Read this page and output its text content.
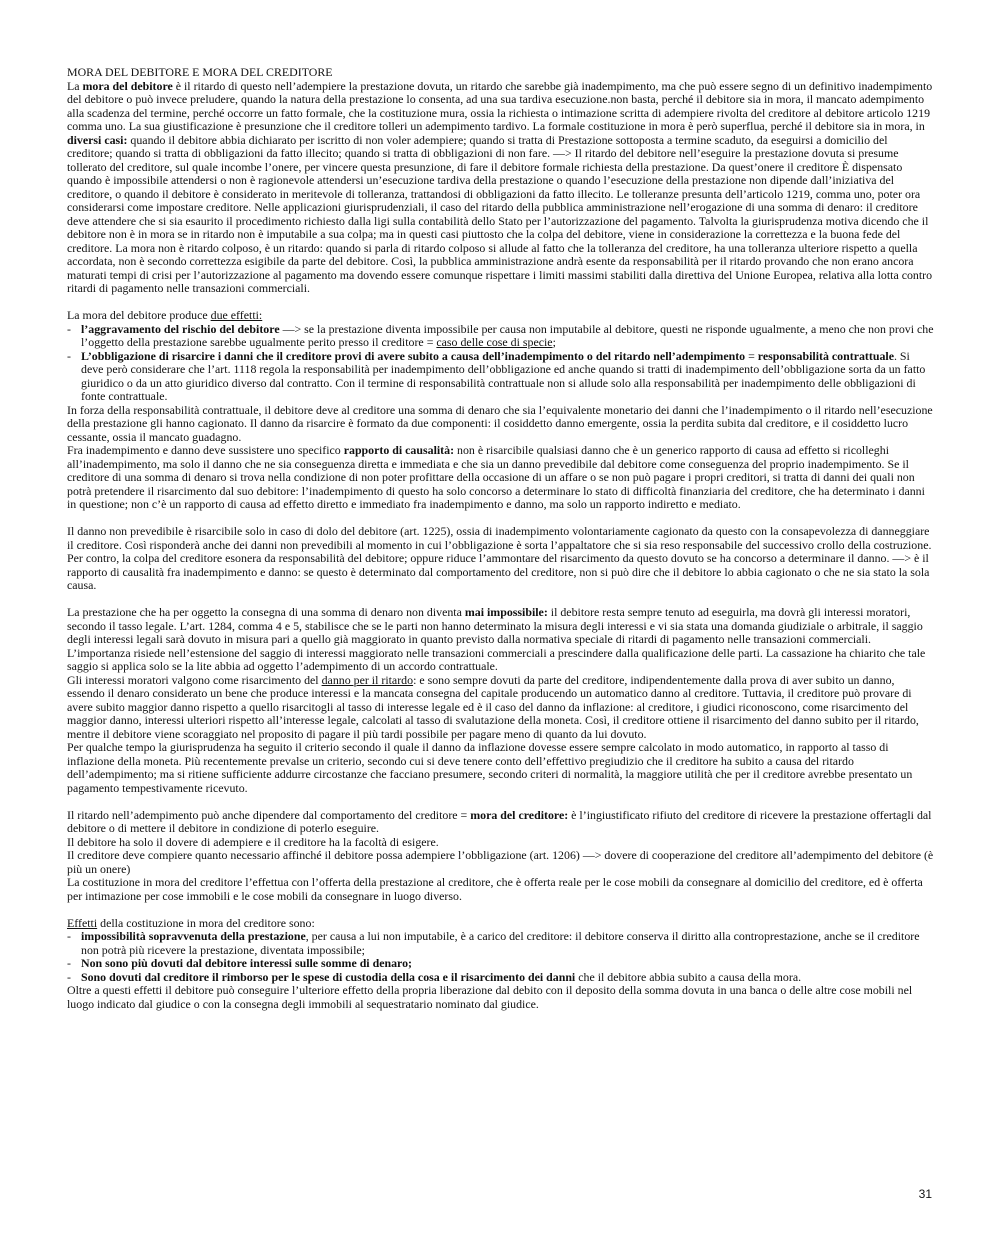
MORA DEL DEBITORE E MORA DEL CREDITORE

La mora del debitore è il ritardo di questo nell’adempiere la prestazione dovuta, un ritardo che sarebbe già inadempimento, ma che può essere segno di un definitivo inadempimento del debitore o può invece preludere, quando la natura della prestazione lo consenta, ad una sua tardiva esecuzione.non basta, perché il debitore sia in mora, il mancato adempimento alla scadenza del termine, perché occorre un fatto formale, che la costituzione mura, ossia la richiesta o intimazione scritta di adempiere rivolta del creditore al debitore articolo 1219 comma uno. La sua giustificazione è presunzione che il creditore tolleri un adempimento tardivo. La formale costituzione in mora è però superflua, perché il debitore sia in mora, in diversi casi: quando il debitore abbia dichiarato per iscritto di non voler adempiere; quando si tratta di Prestazione sottoposta a termine scaduto, da eseguirsi a domicilio del creditore; quando si tratta di obbligazioni da fatto illecito; quando si tratta di obbligazioni di non fare. —> Il ritardo del debitore nell’eseguire la prestazione dovuta si presume tollerato del creditore, sul quale incombe l’onere, per vincere questa presunzione, di fare il debitore formale richiesta della prestazione. Da quest’onere il creditore È dispensato quando è impossibile attendersi o non è ragionevole attendersi un’esecuzione tardiva della prestazione o quando l’esecuzione della prestazione non dipende dall’iniziativa del creditore, o quando il debitore è considerato in meritevole di tolleranza, trattandosi di obbligazioni da fatto illecito. Le tolleranze presunta dell’articolo 1219, comma uno, poter ora considerarsi come impostare creditore. Nelle applicazioni giurisprudenziali, il caso del ritardo della pubblica amministrazione nell’erogazione di una somma di denaro: il creditore deve attendere che si sia esaurito il procedimento richiesto dalla ligi sulla contabilità dello Stato per l’autorizzazione del pagamento. Talvolta la giurisprudenza motiva dicendo che il debitore non è in mora se in ritardo non è imputabile a sua colpa; ma in questi casi piuttosto che la colpa del debitore, viene in considerazione la correttezza e la buona fede del creditore. La mora non è ritardo colposo, è un ritardo: quando si parla di ritardo colposo si allude al fatto che la tolleranza del creditore, ha una tolleranza ulteriore rispetto a quella accordata, non è secondo correttezza esigibile da parte del debitore. Così, la pubblica amministrazione andrà esente da responsabilità per il ritardo provando che non erano ancora maturati tempi di crisi per l’autorizzazione al pagamento ma dovendo essere comunque rispettare i limiti massimi stabiliti dalla direttiva del Unione Europea, relativa alla lotta contro ritardi di pagamento nelle transazioni commerciali.

La mora del debitore produce due effetti:

- l’aggravamento del rischio del debitore —> se la prestazione diventa impossibile per causa non imputabile al debitore, questi ne risponde ugualmente, a meno che non provi che l’oggetto della prestazione sarebbe ugualmente perito presso il creditore = caso delle cose di specie;
- L’obbligazione di risarcire i danni che il creditore provi di avere subito a causa dell’inadempimento o del ritardo nell’adempimento = responsabilità contrattuale. Si deve però considerare che l’art. 1118 regola la responsabilità per inadempimento dell’obbligazione ed anche quando si tratti di inadempimento dell’obbligazione sorta da un fatto giuridico o da un atto giuridico diverso dal contratto. Con il termine di responsabilità contrattuale non si allude solo alla responsabilità per inadempimento delle obbligazioni di fonte contrattuale.

In forza della responsabilità contrattuale, il debitore deve al creditore una somma di denaro che sia l’equivalente monetario dei danni che l’inadempimento o il ritardo nell’esecuzione della prestazione gli hanno cagionato. Il danno da risarcire è formato da due componenti: il cosiddetto danno emergente, ossia la perdita subita dal creditore, e il cosiddetto lucro cessante, ossia il mancato guadagno.

Fra inadempimento e danno deve sussistere uno specifico rapporto di causalità: non è risarcibile qualsiasi danno che è un generico rapporto di causa ad effetto si ricolleghi all’inadempimento, ma solo il danno che ne sia conseguenza diretta e immediata e che sia un danno prevedibile dal debitore come conseguenza del proprio inadempimento. Se il creditore di una somma di denaro si trova nella condizione di non poter profittare della occasione di un affare o se non può pagare i propri creditori, si tratta di danni dei quali non potrà pretendere il risarcimento dal suo debitore: l’inadempimento di questo ha solo concorso a determinare lo stato di difficoltà finanziaria del creditore, che ha determinato i danni in questione; non c’è un rapporto di causa ad effetto diretto e immediato fra inadempimento e danno, ma solo un rapporto indiretto e mediato.

Il danno non prevedibile è risarcibile solo in caso di dolo del debitore (art. 1225), ossia di inadempimento volontariamente cagionato da questo con la consapevolezza di danneggiare il creditore. Così risponderà anche dei danni non prevedibili al momento in cui l’obbligazione è sorta l’appaltatore che si sia reso responsabile del successivo crollo della costruzione. Per contro, la colpa del creditore esonera da responsabilità del debitore; oppure riduce l’ammontare del risarcimento da questo dovuto se ha concorso a determinare il danno. —> è il rapporto di causalità fra inadempimento e danno: se questo è determinato dal comportamento del creditore, non si può dire che il debitore lo abbia cagionato o che ne sia stato la sola causa.

La prestazione che ha per oggetto la consegna di una somma di denaro non diventa mai impossibile: il debitore resta sempre tenuto ad eseguirla, ma dovrà gli interessi moratori, secondo il tasso legale. L’art. 1284, comma 4 e 5, stabilisce che se le parti non hanno determinato la misura degli interessi e vi sia stata una domanda giudiziale o arbitrale, il saggio degli interessi legali sarà dovuto in misura pari a quello già maggiorato in quanto previsto dalla normativa speciale di ritardi di pagamento nelle transazioni commerciali. L’importanza risiede nell’estensione del saggio di interessi maggiorato nelle transazioni commerciali a prescindere dalla qualificazione delle parti. La cassazione ha chiarito che tale saggio si applica solo se la lite abbia ad oggetto l’adempimento di un accordo contrattuale.

Gli interessi moratori valgono come risarcimento del danno per il ritardo: e sono sempre dovuti da parte del creditore, indipendentemente dalla prova di aver subito un danno, essendo il denaro considerato un bene che produce interessi e la mancata consegna del capitale producendo un automatico danno al creditore. Tuttavia, il creditore può provare di avere subito maggior danno rispetto a quello risarcitogli al tasso di interesse legale ed è il caso del danno da inflazione: al creditore, i giudici riconoscono, come risarcimento del maggior danno, interessi ulteriori rispetto all’interesse legale, calcolati al tasso di svalutazione della moneta. Così, il creditore ottiene il risarcimento del danno subito per il ritardo, mentre il debitore viene scoraggiato nel proposito di pagare il più tardi possibile per pagare meno di quanto da lui dovuto.

Per qualche tempo la giurisprudenza ha seguito il criterio secondo il quale il danno da inflazione dovesse essere sempre calcolato in modo automatico, in rapporto al tasso di inflazione della moneta. Più recentemente prevalse un criterio, secondo cui si deve tenere conto dell’effettivo pregiudizio che il creditore ha subito a causa del ritardo dell’adempimento; ma si ritiene sufficiente addurre circostanze che facciano presumere, secondo criteri di normalità, la maggiore utilità che per il creditore avrebbe presentato un pagamento tempestivamente ricevuto.

Il ritardo nell’adempimento può anche dipendere dal comportamento del creditore = mora del creditore: è l’ingiustificato rifiuto del creditore di ricevere la prestazione offertagli dal debitore o di mettere il debitore in condizione di poterlo eseguire.

Il debitore ha solo il dovere di adempiere e il creditore ha la facoltà di esigere.

Il creditore deve compiere quanto necessario affinché il debitore possa adempiere l’obbligazione (art. 1206) —> dovere di cooperazione del creditore all’adempimento del debitore (è più un onere)

La costituzione in mora del creditore l’effettua con l’offerta della prestazione al creditore, che è offerta reale per le cose mobili da consegnare al domicilio del creditore, ed è offerta per intimazione per cose immobili e le cose mobili da consegnare in luogo diverso.

Effetti della costituzione in mora del creditore sono:

- impossibilità sopravvenuta della prestazione, per causa a lui non imputabile, è a carico del creditore: il debitore conserva il diritto alla controprestazione, anche se il creditore non potrà più ricevere la prestazione, diventata impossibile;
- Non sono più dovuti dal debitore interessi sulle somme di denaro;
- Sono dovuti dal creditore il rimborso per le spese di custodia della cosa e il risarcimento dei danni che il debitore abbia subito a causa della mora.

Oltre a questi effetti il debitore può conseguire l’ulteriore effetto della propria liberazione dal debito con il deposito della somma dovuta in una banca o delle altre cose mobili nel luogo indicato dal giudice o con la consegna degli immobili al sequestratario nominato dal giudice.

31
